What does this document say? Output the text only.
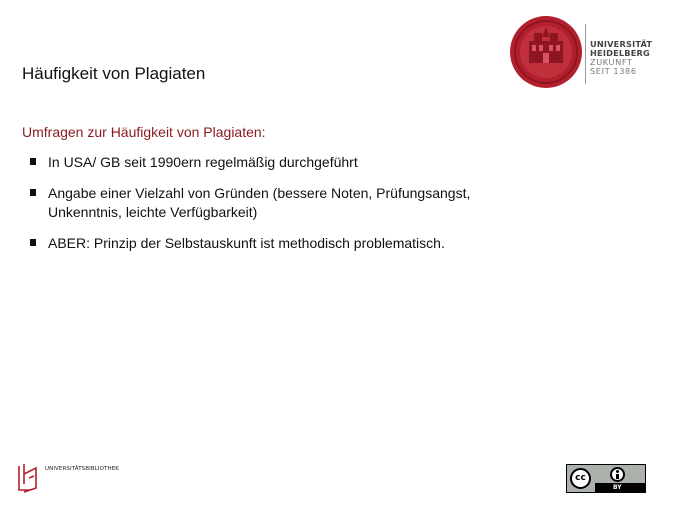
Häufigkeit von Plagiaten
UNIVERSITÄT
HEIDELBERG
ZUKUNFT
SEIT 1386
Umfragen zur Häufigkeit von Plagiaten:
In USA/ GB seit 1990ern regelmäßig durchgeführt
Angabe einer Vielzahl von Gründen (bessere Noten, Prüfungsangst, Unkenntnis, leichte Verfügbarkeit)
ABER: Prinzip der Selbstauskunft ist methodisch problematisch.
UNIVERSITÄTSBIBLIOTHEK
cc
BY
